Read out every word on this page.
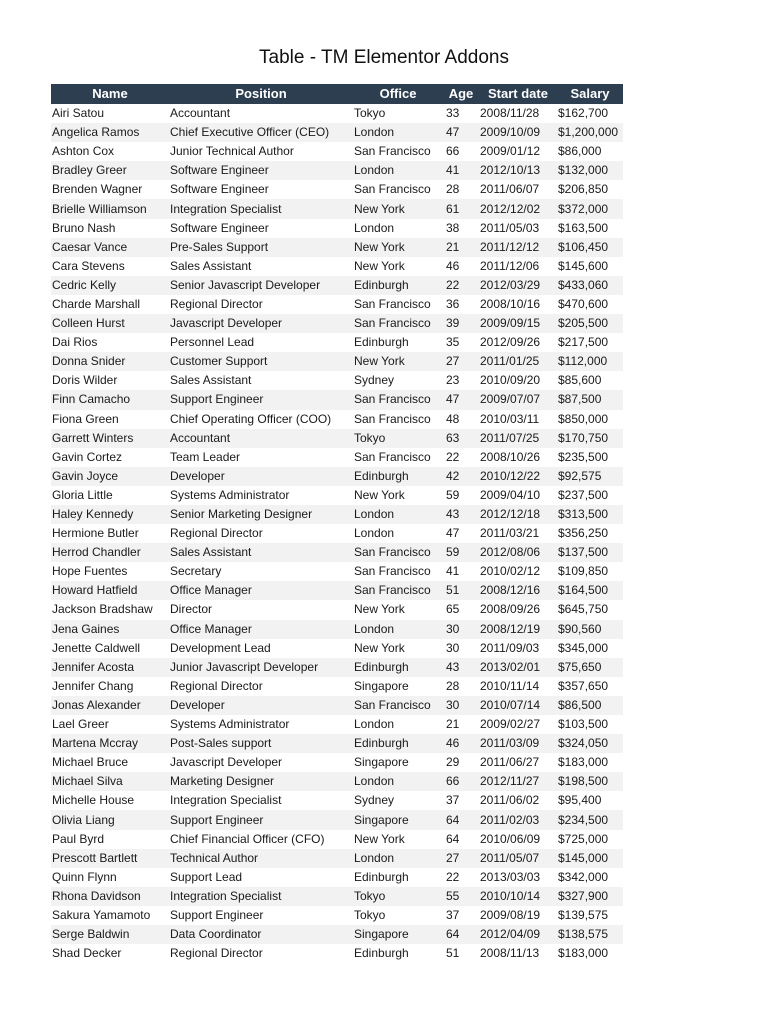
Table - TM Elementor Addons
Name	Position	Office	Age	Start date	Salary
Airi Satou	Accountant	Tokyo	33	2008/11/28	$162,700
Angelica Ramos	Chief Executive Officer (CEO)	London	47	2009/10/09	$1,200,000
Ashton Cox	Junior Technical Author	San Francisco	66	2009/01/12	$86,000
Bradley Greer	Software Engineer	London	41	2012/10/13	$132,000
Brenden Wagner	Software Engineer	San Francisco	28	2011/06/07	$206,850
Brielle Williamson	Integration Specialist	New York	61	2012/12/02	$372,000
Bruno Nash	Software Engineer	London	38	2011/05/03	$163,500
Caesar Vance	Pre-Sales Support	New York	21	2011/12/12	$106,450
Cara Stevens	Sales Assistant	New York	46	2011/12/06	$145,600
Cedric Kelly	Senior Javascript Developer	Edinburgh	22	2012/03/29	$433,060
Charde Marshall	Regional Director	San Francisco	36	2008/10/16	$470,600
Colleen Hurst	Javascript Developer	San Francisco	39	2009/09/15	$205,500
Dai Rios	Personnel Lead	Edinburgh	35	2012/09/26	$217,500
Donna Snider	Customer Support	New York	27	2011/01/25	$112,000
Doris Wilder	Sales Assistant	Sydney	23	2010/09/20	$85,600
Finn Camacho	Support Engineer	San Francisco	47	2009/07/07	$87,500
Fiona Green	Chief Operating Officer (COO)	San Francisco	48	2010/03/11	$850,000
Garrett Winters	Accountant	Tokyo	63	2011/07/25	$170,750
Gavin Cortez	Team Leader	San Francisco	22	2008/10/26	$235,500
Gavin Joyce	Developer	Edinburgh	42	2010/12/22	$92,575
Gloria Little	Systems Administrator	New York	59	2009/04/10	$237,500
Haley Kennedy	Senior Marketing Designer	London	43	2012/12/18	$313,500
Hermione Butler	Regional Director	London	47	2011/03/21	$356,250
Herrod Chandler	Sales Assistant	San Francisco	59	2012/08/06	$137,500
Hope Fuentes	Secretary	San Francisco	41	2010/02/12	$109,850
Howard Hatfield	Office Manager	San Francisco	51	2008/12/16	$164,500
Jackson Bradshaw	Director	New York	65	2008/09/26	$645,750
Jena Gaines	Office Manager	London	30	2008/12/19	$90,560
Jenette Caldwell	Development Lead	New York	30	2011/09/03	$345,000
Jennifer Acosta	Junior Javascript Developer	Edinburgh	43	2013/02/01	$75,650
Jennifer Chang	Regional Director	Singapore	28	2010/11/14	$357,650
Jonas Alexander	Developer	San Francisco	30	2010/07/14	$86,500
Lael Greer	Systems Administrator	London	21	2009/02/27	$103,500
Martena Mccray	Post-Sales support	Edinburgh	46	2011/03/09	$324,050
Michael Bruce	Javascript Developer	Singapore	29	2011/06/27	$183,000
Michael Silva	Marketing Designer	London	66	2012/11/27	$198,500
Michelle House	Integration Specialist	Sydney	37	2011/06/02	$95,400
Olivia Liang	Support Engineer	Singapore	64	2011/02/03	$234,500
Paul Byrd	Chief Financial Officer (CFO)	New York	64	2010/06/09	$725,000
Prescott Bartlett	Technical Author	London	27	2011/05/07	$145,000
Quinn Flynn	Support Lead	Edinburgh	22	2013/03/03	$342,000
Rhona Davidson	Integration Specialist	Tokyo	55	2010/10/14	$327,900
Sakura Yamamoto	Support Engineer	Tokyo	37	2009/08/19	$139,575
Serge Baldwin	Data Coordinator	Singapore	64	2012/04/09	$138,575
Shad Decker	Regional Director	Edinburgh	51	2008/11/13	$183,000
